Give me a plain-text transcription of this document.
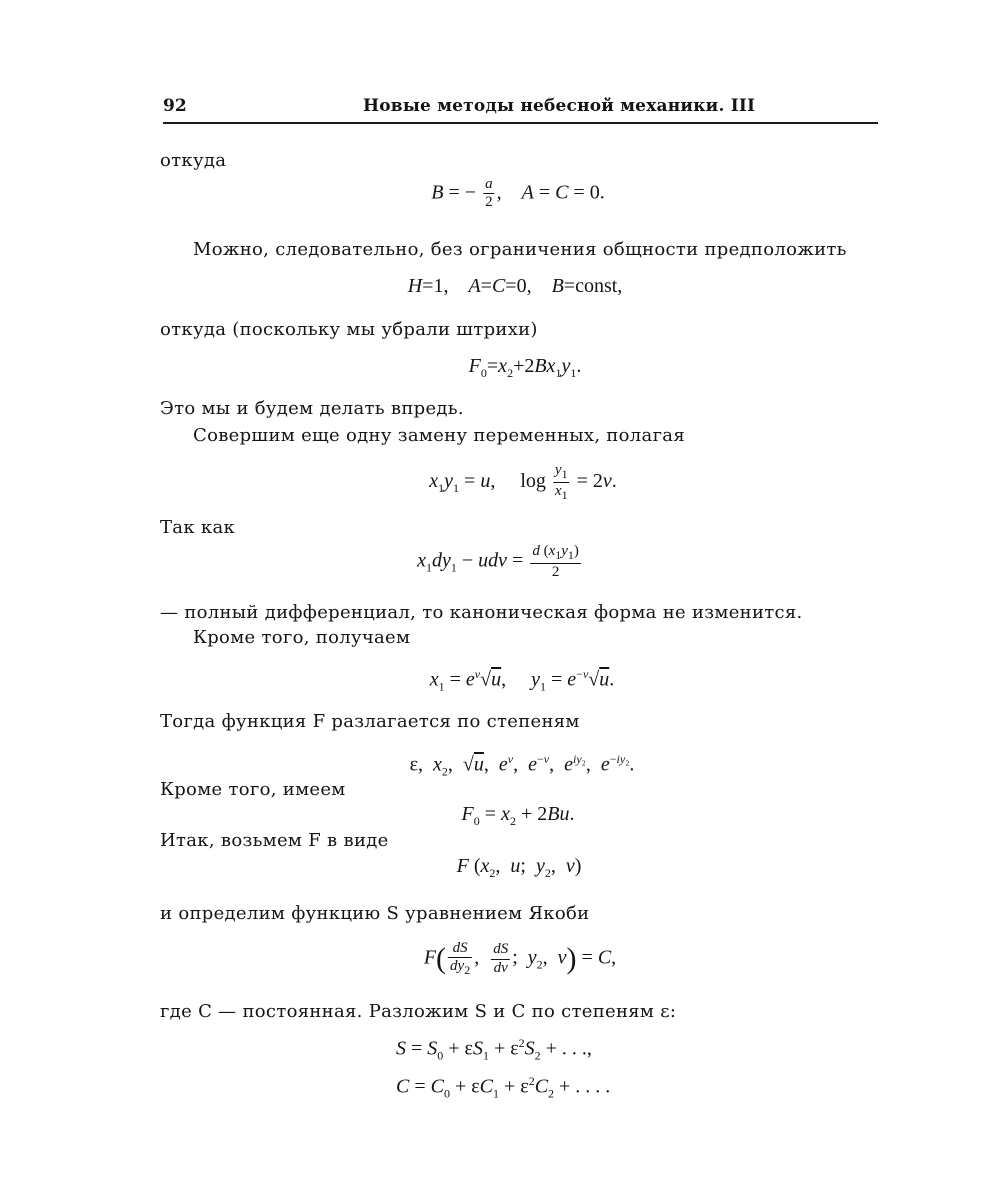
92	Новые методы небесной механики. III
откуда
B = − $\frac{a}{2}$ ,    A = C = 0.
Можно, следовательно, без ограничения общности предположить
H=1,    A=C=0,    B=const,
откуда (поскольку мы убрали штрихи)
$F_0=x_2+2Bx_1y_1$.
Это мы и будем делать впредь.
Совершим еще одну замену переменных, полагая
$x_1y_1 = u$,     $\log \frac{y_1}{x_1} = 2v$.
Так как
$x_1dy_1$ − udv = $\frac{d (x_1y_1)}{2}$
— полный дифференциал, то каноническая форма не изменится.
Кроме того, получаем
$x_1 = e^v√u$,     $y_1 = e^{-v}√u$.
Тогда функция F разлагается по степеням
ε,  $x_2$,  √u,  $e^v$,  $e^{-v}$,  $e^{iy_2}$,  $e^{-iy_2}$.
Кроме того, имеем
$F_0 = x_2 + 2Bu$.
Итак, возьмем F в виде
F ($x_2$,  u;  $y_2$,  v)
и определим функцию S уравнением Якоби
$F( \frac{dS}{dy_2}$ , $\frac{dS}{dv}$ ;  $y_2$,  v) = C,
где C — постоянная. Разложим S и C по степеням ε:
$S = S_0 + \varepsilon S_1 + \varepsilon^2S_2$ + . . .,
$C = C_0 + \varepsilon C_1 + \varepsilon^2C_2$ + . . . .
